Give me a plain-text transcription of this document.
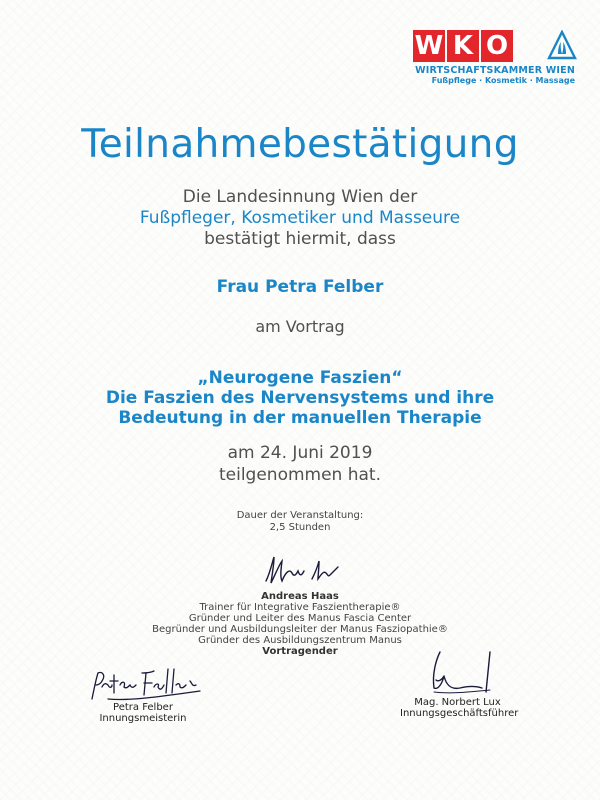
W K O
WIRTSCHAFTSKAMMER WIEN
Fußpflege · Kosmetik · Massage
Teilnahmebestätigung
Die Landesinnung Wien der
Fußpfleger, Kosmetiker und Masseure
bestätigt hiermit, dass
Frau Petra Felber
am Vortrag
„Neurogene Faszien“
Die Faszien des Nervensystems und ihre
Bedeutung in der manuellen Therapie
am 24. Juni 2019
teilgenommen hat.
Dauer der Veranstaltung:
2,5 Stunden
Andreas Haas
Trainer für Integrative Faszientherapie®
Gründer und Leiter des Manus Fascia Center
Begründer und Ausbildungsleiter der Manus Fasziopathie®
Gründer des Ausbildungszentrum Manus
Vortragender
Petra Felber
Innungsmeisterin
Mag. Norbert Lux
Innungsgeschäftsführer
